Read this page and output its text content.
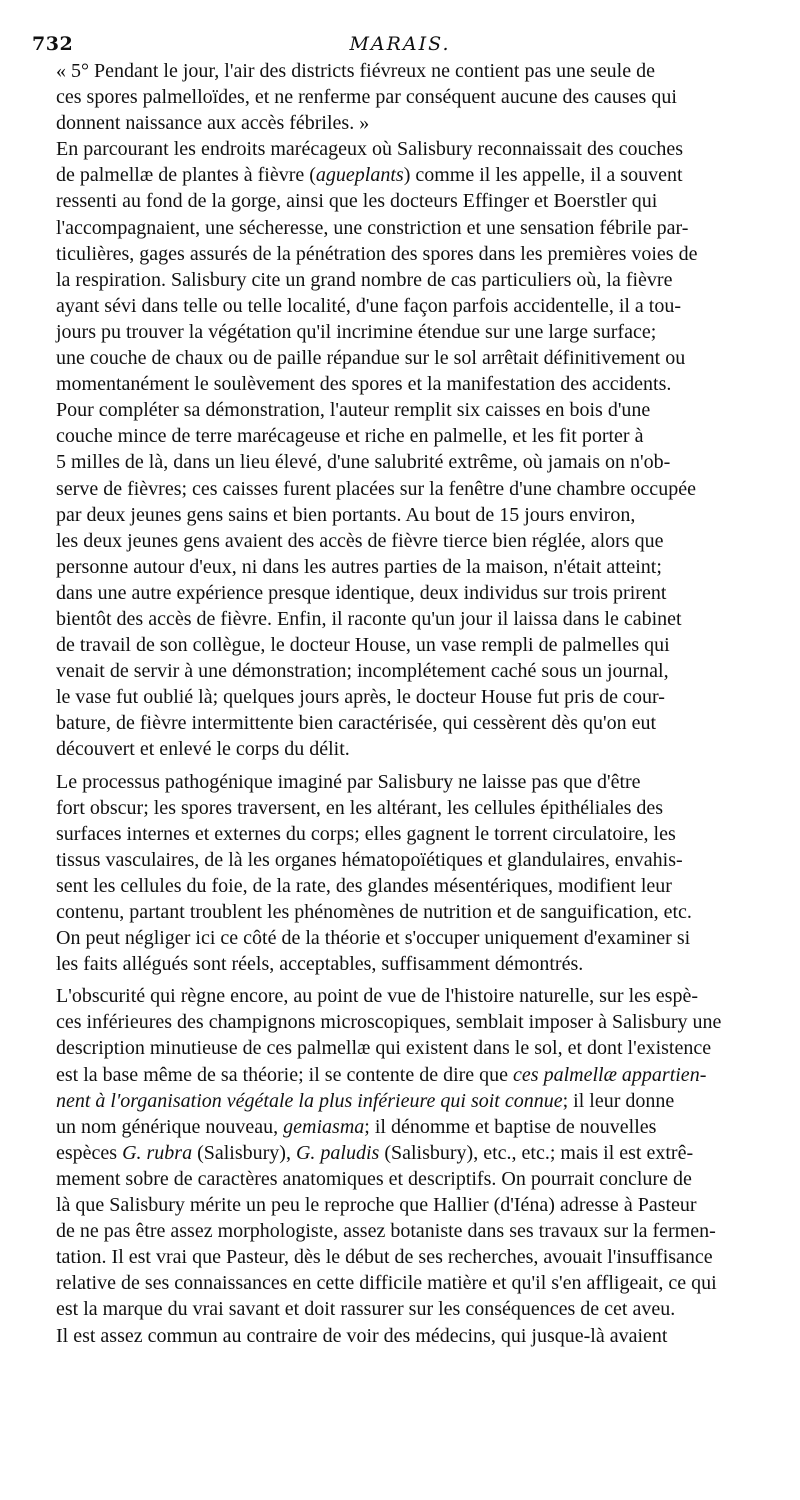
732	MARAIS.

« 5° Pendant le jour, l'air des districts fiévreux ne contient pas une seule de
ces spores palmelloïdes, et ne renferme par conséquent aucune des causes qui
donnent naissance aux accès fébriles. »

En parcourant les endroits marécageux où Salisbury reconnaissait des couches
de palmellæ de plantes à fièvre (agueplants) comme il les appelle, il a souvent
ressenti au fond de la gorge, ainsi que les docteurs Effinger et Boerstler qui
l'accompagnaient, une sécheresse, une constriction et une sensation fébrile par-
ticulières, gages assurés de la pénétration des spores dans les premières voies de
la respiration. Salisbury cite un grand nombre de cas particuliers où, la fièvre
ayant sévi dans telle ou telle localité, d'une façon parfois accidentelle, il a tou-
jours pu trouver la végétation qu'il incrimine étendue sur une large surface;
une couche de chaux ou de paille répandue sur le sol arrêtait définitivement ou
momentanément le soulèvement des spores et la manifestation des accidents.
Pour compléter sa démonstration, l'auteur remplit six caisses en bois d'une
couche mince de terre marécageuse et riche en palmelle, et les fit porter à
5 milles de là, dans un lieu élevé, d'une salubrité extrême, où jamais on n'ob-
serve de fièvres; ces caisses furent placées sur la fenêtre d'une chambre occupée
par deux jeunes gens sains et bien portants. Au bout de 15 jours environ,
les deux jeunes gens avaient des accès de fièvre tierce bien réglée, alors que
personne autour d'eux, ni dans les autres parties de la maison, n'était atteint;
dans une autre expérience presque identique, deux individus sur trois prirent
bientôt des accès de fièvre. Enfin, il raconte qu'un jour il laissa dans le cabinet
de travail de son collègue, le docteur House, un vase rempli de palmelles qui
venait de servir à une démonstration; incomplétement caché sous un journal,
le vase fut oublié là; quelques jours après, le docteur House fut pris de cour-
bature, de fièvre intermittente bien caractérisée, qui cessèrent dès qu'on eut
découvert et enlevé le corps du délit.

Le processus pathogénique imaginé par Salisbury ne laisse pas que d'être
fort obscur; les spores traversent, en les altérant, les cellules épithéliales des
surfaces internes et externes du corps; elles gagnent le torrent circulatoire, les
tissus vasculaires, de là les organes hématopoïétiques et glandulaires, envahis-
sent les cellules du foie, de la rate, des glandes mésentériques, modifient leur
contenu, partant troublent les phénomènes de nutrition et de sanguification, etc.
On peut négliger ici ce côté de la théorie et s'occuper uniquement d'examiner si
les faits allégués sont réels, acceptables, suffisamment démontrés.

L'obscurité qui règne encore, au point de vue de l'histoire naturelle, sur les espè-
ces inférieures des champignons microscopiques, semblait imposer à Salisbury une
description minutieuse de ces palmellæ qui existent dans le sol, et dont l'existence
est la base même de sa théorie; il se contente de dire que ces palmellæ appartien-
nent à l'organisation végétale la plus inférieure qui soit connue; il leur donne
un nom générique nouveau, gemiasma; il dénomme et baptise de nouvelles
espèces G. rubra (Salisbury), G. paludis (Salisbury), etc., etc.; mais il est extrê-
mement sobre de caractères anatomiques et descriptifs. On pourrait conclure de
là que Salisbury mérite un peu le reproche que Hallier (d'Iéna) adresse à Pasteur
de ne pas être assez morphologiste, assez botaniste dans ses travaux sur la fermen-
tation. Il est vrai que Pasteur, dès le début de ses recherches, avouait l'insuffisance
relative de ses connaissances en cette difficile matière et qu'il s'en affligeait, ce qui
est la marque du vrai savant et doit rassurer sur les conséquences de cet aveu.
Il est assez commun au contraire de voir des médecins, qui jusque-là avaient
